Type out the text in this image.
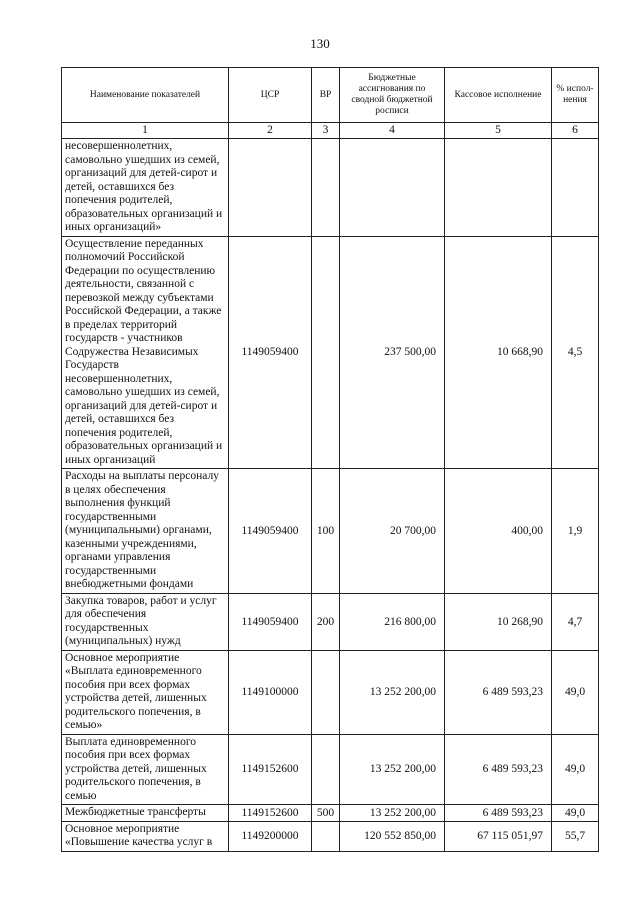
130
Наименование показателей	ЦСР	ВР	Бюджетные ассигнования по сводной бюджетной росписи	Кассовое исполнение	% испол- нения
1	2	3	4	5	6
несовершеннолетних, самовольно ушедших из семей, организаций для детей-сирот и детей, оставшихся без попечения родителей, образовательных организаций и иных организаций»					
Осуществление переданных полномочий Российской Федерации по осуществлению деятельности, связанной с перевозкой между субъектами Российской Федерации, а также в пределах территорий государств - участников Содружества Независимых Государств несовершеннолетних, самовольно ушедших из семей, организаций для детей-сирот и детей, оставшихся без попечения родителей, образовательных организаций и иных организаций	1149059400		237 500,00	10 668,90	4,5
Расходы на выплаты персоналу в целях обеспечения выполнения функций государственными (муниципальными) органами, казенными учреждениями, органами управления государственными внебюджетными фондами	1149059400	100	20 700,00	400,00	1,9
Закупка товаров, работ и услуг для обеспечения государственных (муниципальных) нужд	1149059400	200	216 800,00	10 268,90	4,7
Основное мероприятие «Выплата единовременного пособия при всех формах устройства детей, лишенных родительского попечения, в семью»	1149100000		13 252 200,00	6 489 593,23	49,0
Выплата единовременного пособия при всех формах устройства детей, лишенных родительского попечения, в семью	1149152600		13 252 200,00	6 489 593,23	49,0
Межбюджетные трансферты	1149152600	500	13 252 200,00	6 489 593,23	49,0
Основное мероприятие «Повышение качества услуг в	1149200000		120 552 850,00	67 115 051,97	55,7
